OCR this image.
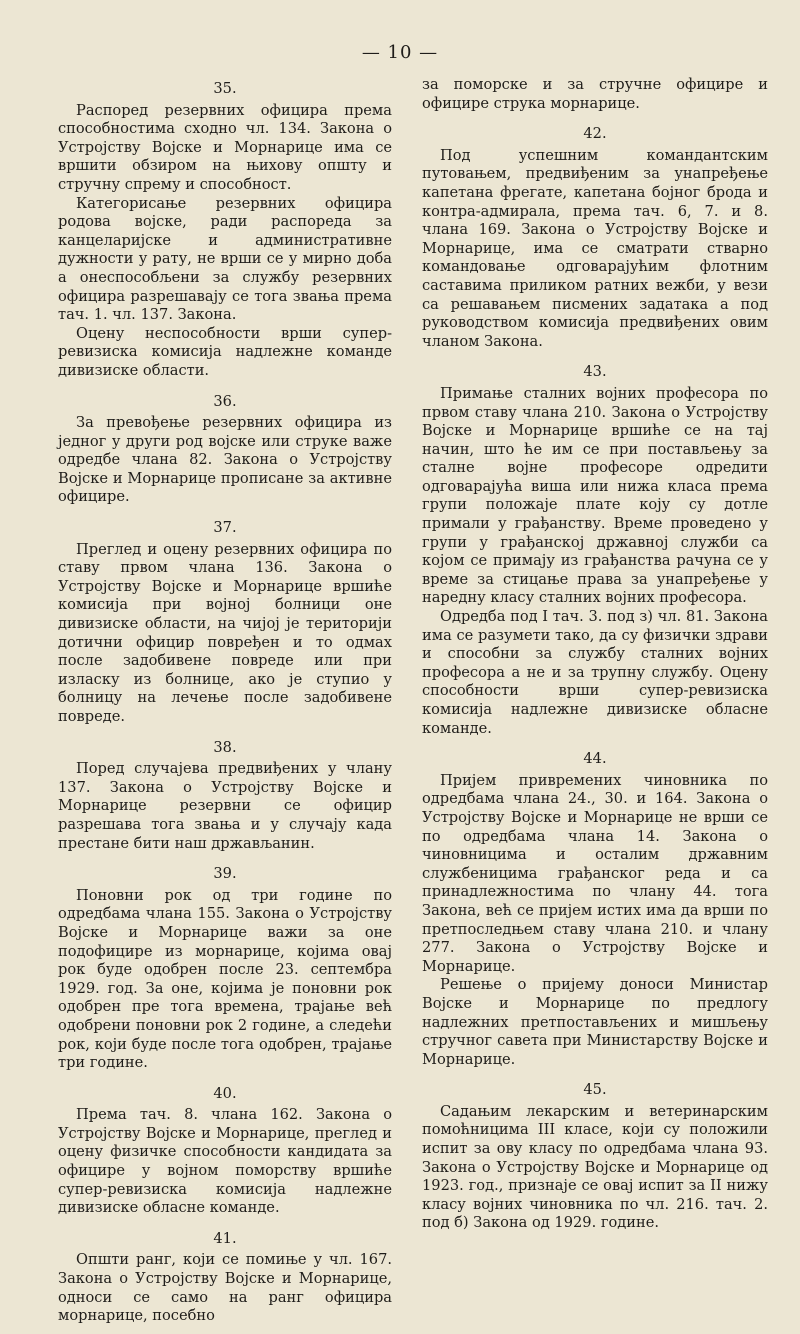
— 10 —
35.

Распоред резервних официра према способностима сходно чл. 134. Закона о Устројству Војске и Морнарице има се вршити обзиром на њихову општу и стручну спрему и способност.

Категорисање резервних официра родова војске, ради распореда за канцеларијске и административне дужности у рату, не врши се у мирно доба а онеспособљени за службу резервних официра разрешавају се тога звања према тач. 1. чл. 137. Закона.

Оцену неспособности врши супер-ревизиска комисија надлежне команде дивизиске области.

36.

За превођење резервних официра из једног у други род војске или струке важе одредбе члана 82. Закона о Устројству Војске и Морнарице прописане за активне официре.

37.

Преглед и оцену резервних официра по ставу првом члана 136. Закона о Устројству Војске и Морнарице врши‌ће комисија при војној болници оне дивизиске области, на чијој је територији дотични официр повређен и то одмах после задобивене повреде или при изласку из болнице, ако је ступио у болницу на лечење после задобивене повреде.

38.

Поред случајева предвиђених у члану 137. Закона о Устројству Војске и Морнарице резервни се официр разрешава тога звања и у случају када престане бити наш држављанин.

39.

Поновни рок од три године по одредбама члана 155. Закона о Устројству Војске и Морнарице важи за оне подофицире из морнарице, којима овај рок буде одобрен после 23. септембра 1929. год. За оне, којима је поновни рок одобрен пре тога времена, трајање већ одобрени поновни рок 2 године, а следећи рок, који буде после тога одобрен, трајање три године.

40.

Према тач. 8. члана 162. Закона о Устројству Војске и Морнарице, преглед и оцену физичке способности кандидата за официре у војном поморству вршиће супер-ревизиска комисија надлежне дивизиске обласне команде.

41.

Општи ранг, који се помиње у чл. 167. Закона о Устројству Војске и Морнарице, односи се само на ранг официра морнарице, посебно

за поморске и за стручне официре и официре струка морнарице.

42.

Под успешним командантским путовањем, предвиђеним за унапређење капетана фрегате, капетана бојног брода и контра-адмирала, према тач. 6, 7. и 8. члана 169. Закона о Устројству Војске и Морнарице, има се сматрати стварно командовање одговарајућим флотним саставима приликом ратних вежби, у вези са решавањем писмених задатака а под руководством комисија предвиђених овим чланом Закона.

43.

Примање сталних војних професора по првом ставу члана 210. Закона о Устројству Војске и Морнарице вршиће се на тај начин, што ће им се при постављењу за сталне војне професоре одредити одговарајућа виша или нижа класа према групи положаје плате коју су дотле примали у грађанству. Време проведено у групи у грађанској државној служби са којом се примају из грађанства рачуна се у време за стицање права за унапређење у наредну класу сталних војних професора.

Одредба под I тач. 3. под з) чл. 81. Закона има се разумети тако, да су физички здрави и способни за службу сталних војних професора а не и за трупну службу. Оцену способности врши супер-ревизиска комисија надлежне дивизиске обласне команде.

44.

Пријем привремених чиновника по одредбама члана 24., 30. и 164. Закона о Устројству Војске и Морнарице не врши се по одредбама члана 14. Закона о чиновницима и осталим државним службеницима грађанског реда и са принадлежностима по члану 44. тога Закона, већ се пријем истих има да врши по претпоследњем ставу члана 210. и члану 277. Закона о Устројству Војске и Морнарице.

Решење о пријему доноси Министар Војске и Морнарице по предлогу надлежних претпостављених и мишљењу стручног савета при Министарству Војске и Морнарице.

45.

Садањим лекарским и ветеринарским помоћницима III класе, који су положили испит за ову класу по одредбама члана 93. Закона о Устројству Војске и Морнарице од 1923. год., признаје се овај испит за II нижу класу војних чиновника по чл. 216. тач. 2. под б) Закона од 1929. године.
